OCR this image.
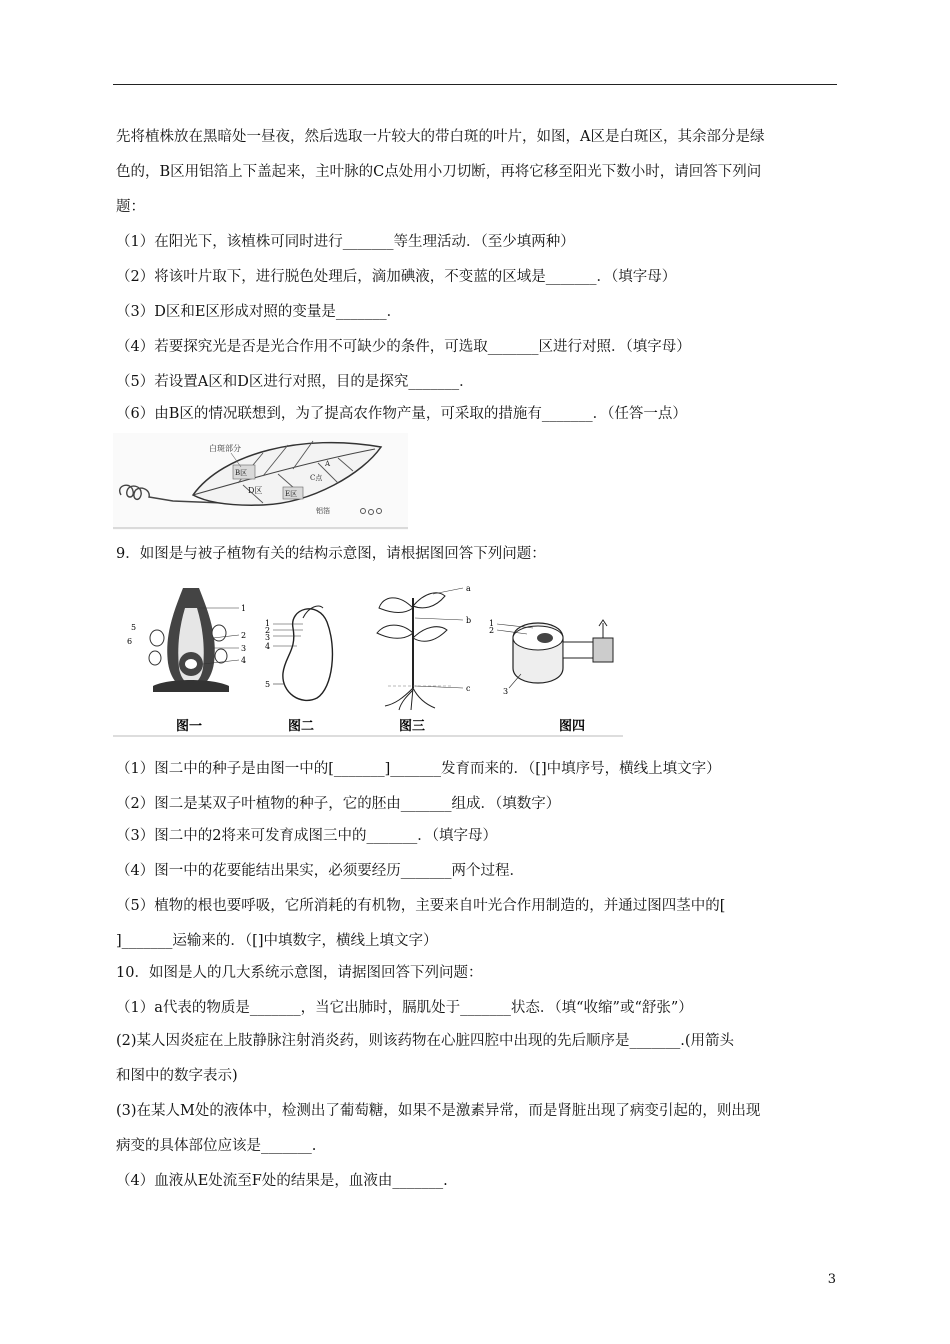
先将植株放在黑暗处一昼夜，然后选取一片较大的带白斑的叶片，如图，A区是白斑区，其余部分是绿
色的，B区用铝箔上下盖起来，主叶脉的C点处用小刀切断，再将它移至阳光下数小时，请回答下列问
题：
（1）在阳光下，该植株可同时进行_______等生理活动．（至少填两种）
（2）将该叶片取下，进行脱色处理后，滴加碘液，不变蓝的区域是_______．（填字母）
（3）D区和E区形成对照的变量是_______．
（4）若要探究光是否是光合作用不可缺少的条件，可选取_______区进行对照．（填字母）
（5）若设置A区和D区进行对照，目的是探究_______．
（6）由B区的情况联想到，为了提高农作物产量，可采取的措施有_______．（任答一点）
白斑部分
B区
D区	E区
C点
A
铝箔
9．如图是与被子植物有关的结构示意图，请根据图回答下列问题：
1
2
3
4
5
6
1
2
3
4
5
a
b
c
1
2
3
图一	图二	图三	图四
（1）图二中的种子是由图一中的[_______]_______发育而来的．（[]中填序号，横线上填文字）
（2）图二是某双子叶植物的种子，它的胚由_______组成．（填数字）
（3）图二中的2将来可发育成图三中的_______．（填字母）
（4）图一中的花要能结出果实，必须要经历_______两个过程．
（5）植物的根也要呼吸，它所消耗的有机物，主要来自叶光合作用制造的，并通过图四茎中的[
]_______运输来的．（[]中填数字，横线上填文字）
10．如图是人的几大系统示意图，请据图回答下列问题：
（1）a代表的物质是_______，当它出肺时，膈肌处于_______状态．（填“收缩”或“舒张”）
(2)某人因炎症在上肢静脉注射消炎药，则该药物在心脏四腔中出现的先后顺序是_______.(用箭头
和图中的数字表示)
(3)在某人M处的液体中，检测出了葡萄糖，如果不是激素异常，而是肾脏出现了病变引起的，则出现
病变的具体部位应该是_______.
（4）血液从E处流至F处的结果是，血液由_______.
3
